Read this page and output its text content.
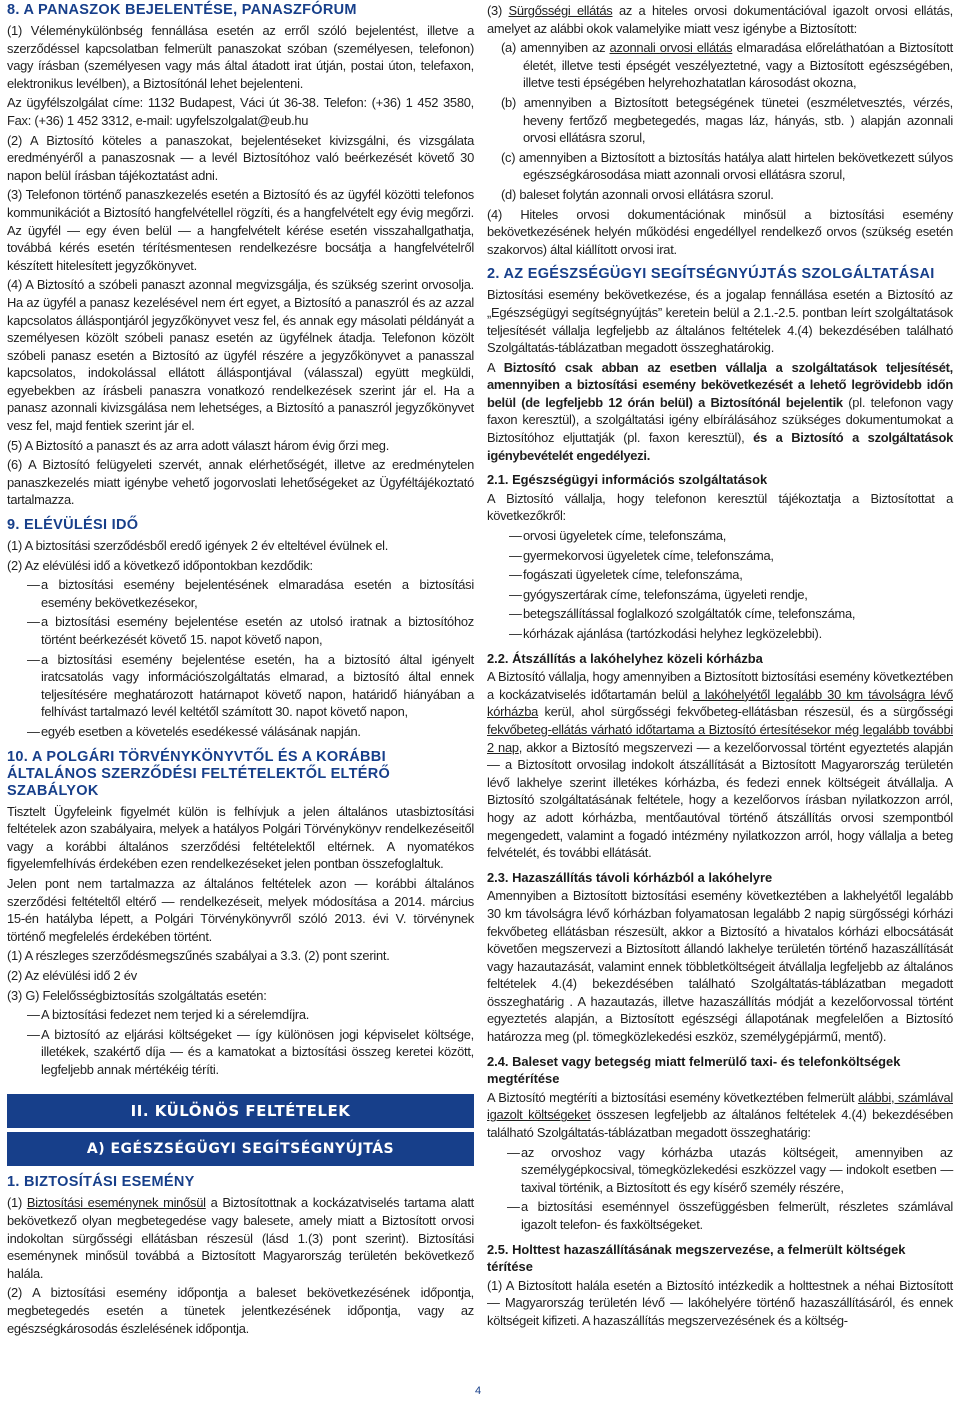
8. A PANASZOK BEJELENTÉSE, PANASZFÓRUM

(1) Véleménykülönbség fennállása esetén az erről szóló bejelentést, illetve a szerződéssel kapcsolatban felmerült panaszokat szóban (személyesen, telefonon) vagy írásban (személyesen vagy más által átadott irat útján, postai úton, telefaxon, elektronikus levélben), a Biztosítónál lehet bejelenteni.

Az ügyfélszolgálat címe: 1132 Budapest, Váci út 36-38. Telefon: (+36) 1 452 3580, Fax: (+36) 1 452 3312, e-mail: ugyfelszolgalat@eub.hu

(2) A Biztosító köteles a panaszokat, bejelentéseket kivizsgálni, és vizsgálata eredményéről a panaszosnak — a levél Biztosítóhoz való beérkezését követő 30 napon belül írásban tájékoztatást adni.

(3) Telefonon történő panaszkezelés esetén a Biztosító és az ügyfél közötti telefonos kommunikációt a Biztosító hangfelvétellel rögzíti, és a hangfelvételt egy évig megőrzi. Az ügyfél — egy éven belül — a hangfelvételt kérése esetén visszahallgathatja, továbbá kérés esetén térítésmentesen rendelkezésre bocsátja a hangfelvételről készített hitelesített jegyzőkönyvet.

(4) A Biztosító a szóbeli panaszt azonnal megvizsgálja, és szükség szerint orvosolja. Ha az ügyfél a panasz kezelésével nem ért egyet, a Biztosító a panaszról és az azzal kapcsolatos álláspontjáról jegyzőkönyvet vesz fel, és annak egy másolati példányát a személyesen közölt szóbeli panasz esetén az ügyfélnek átadja. Telefonon közölt szóbeli panasz esetén a Biztosító az ügyfél részére a jegyzőkönyvet a panasszal kapcsolatos, indokolással ellátott álláspontjával (válasszal) együtt megküldi, egyebekben az írásbeli panaszra vonatkozó rendelkezések szerint jár el. Ha a panasz azonnali kivizsgálása nem lehetséges, a Biztosító a panaszról jegyzőkönyvet vesz fel, majd fentiek szerint jár el.

(5) A Biztosító a panaszt és az arra adott választ három évig őrzi meg.

(6) A Biztosító felügyeleti szervét, annak elérhetőségét, illetve az eredménytelen panaszkezelés miatt igénybe vehető jogorvoslati lehetőségeket az Ügyféltájékoztató tartalmazza.

9. ELÉVÜLÉSI IDŐ

(1) A biztosítási szerződésből eredő igények 2 év elteltével évülnek el.

(2) Az elévülési idő a következő időpontokban kezdődik:

— a biztosítási esemény bejelentésének elmaradása esetén a biztosítási esemény bekövetkezésekor,

— a biztosítási esemény bejelentése esetén az utolsó iratnak a biztosítóhoz történt beérkezését követő 15. napot követő napon,

— a biztosítási esemény bejelentése esetén, ha a biztosító által igényelt iratcsatolás vagy információszolgáltatás elmarad, a biztosító által ennek teljesítésére meghatározott határnapot követő napon, határidő hiányában a felhívást tartalmazó levél keltétől számított 30. napot követő napon,

— egyéb esetben a követelés esedékessé válásának napján.

10. A POLGÁRI TÖRVÉNYKÖNYVTŐL ÉS A KORÁBBI ÁLTALÁNOS SZERZŐDÉSI FELTÉTELEKTŐL ELTÉRŐ SZABÁLYOK

Tisztelt Ügyfeleink figyelmét külön is felhívjuk a jelen általános utasbiztosítási feltételek azon szabályaira, melyek a hatályos Polgári Törvénykönyv rendelkezéseitől vagy a korábbi általános szerződési feltételektől eltérnek. A nyomatékos figyelemfelhívás érdekében ezen rendelkezéseket jelen pontban összefoglaltuk.

Jelen pont nem tartalmazza az általános feltételek azon — korábbi általános szerződési feltételtől eltérő — rendelkezéseit, melyek módosítása a 2014. március 15-én hatályba lépett, a Polgári Törvénykönyvről szóló 2013. évi V. törvénynek történő megfelelés érdekében történt.

(1) A részleges szerződésmegszűnés szabályai a 3.3. (2) pont szerint.

(2) Az elévülési idő 2 év

(3) G) Felelősségbiztosítás szolgáltatás esetén:

— A biztosítási fedezet nem terjed ki a sérelemdíjra.

— A biztosító az eljárási költségeket — így különösen jogi képviselet költsége, illetékek, szakértő díja — és a kamatokat a biztosítási összeg keretei között, legfeljebb annak mértékéig téríti.

II. KÜLÖNÖS FELTÉTELEK
A) EGÉSZSÉGÜGYI SEGÍTSÉGNYÚJTÁS
1. BIZTOSÍTÁSI ESEMÉNY

(1) Biztosítási eseménynek minősül a Biztosítottnak a kockázatviselés tartama alatt bekövetkező olyan megbetegedése vagy balesete, amely miatt a Biztosított orvosi indokoltan sürgősségi ellátásban részesül (lásd 1.(3) pont szerint). Biztosítási eseménynek minősül továbbá a Biztosított Magyarország területén bekövetkező halála.

(2) A biztosítási esemény időpontja a baleset bekövetkezésének időpontja, megbetegedés esetén a tünetek jelentkezésének időpontja, vagy az egészségkárosodás észlelésének időpontja.

(3) Sürgősségi ellátás az a hiteles orvosi dokumentációval igazolt orvosi ellátás, amelyet az alábbi okok valamelyike miatt vesz igénybe a Biztosított:

(a) amennyiben az azonnali orvosi ellátás elmaradása előreláthatóan a Biztosított életét, illetve testi épségét veszélyeztetné, vagy a Biztosított egészségében, illetve testi épségében helyrehozhatatlan károsodást okozna,

(b) amennyiben a Biztosított betegségének tünetei (eszméletvesztés, vérzés, heveny fertőző megbetegedés, magas láz, hányás, stb. ) alapján azonnali orvosi ellátásra szorul,

(c) amennyiben a Biztosított a biztosítás hatálya alatt hirtelen bekövetkezett súlyos egészségkárosodása miatt azonnali orvosi ellátásra szorul,

(d) baleset folytán azonnali orvosi ellátásra szorul.

(4) Hiteles orvosi dokumentációnak minősül a biztosítási esemény bekövetkezésének helyén működési engedéllyel rendelkező orvos (szükség esetén szakorvos) által kiállított orvosi irat.

2. AZ EGÉSZSÉGÜGYI SEGÍTSÉGNYÚJTÁS SZOLGÁLTATÁSAI

Biztosítási esemény bekövetkezése, és a jogalap fennállása esetén a Biztosító az „Egészségügyi segítségnyújtás” keretein belül a 2.1.-2.5. pontban leírt szolgáltatások teljesítését vállalja legfeljebb az általános feltételek 4.(4) bekezdésében található Szolgáltatás-táblázatban megadott összeghatárokig.

A Biztosító csak abban az esetben vállalja a szolgáltatások teljesítését, amennyiben a biztosítási esemény bekövetkezését a lehető legrövidebb időn belül (de legfeljebb 12 órán belül) a Biztosítónál bejelentik (pl. telefonon vagy faxon keresztül), a szolgáltatási igény elbírálásához szükséges dokumentumokat a Biztosítóhoz eljuttatják (pl. faxon keresztül), és a Biztosító a szolgáltatások igénybevételét engedélyezi.

2.1. Egészségügyi információs szolgáltatások

A Biztosító vállalja, hogy telefonon keresztül tájékoztatja a Biztosítottat a következőkről:

— orvosi ügyeletek címe, telefonszáma,

— gyermekorvosi ügyeletek címe, telefonszáma,

— fogászati ügyeletek címe, telefonszáma,

— gyógyszertárak címe, telefonszáma, ügyeleti rendje,

— betegszállítással foglalkozó szolgáltatók címe, telefonszáma,

— kórházak ajánlása (tartózkodási helyhez legközelebbi).

2.2. Átszállítás a lakóhelyhez közeli kórházba

A Biztosító vállalja, hogy amennyiben a Biztosított biztosítási esemény következtében a kockázatviselés időtartamán belül a lakóhelyétől legalább 30 km távolságra lévő kórházba kerül, ahol sürgősségi fekvőbeteg-ellátásban részesül, és a sürgősségi fekvőbeteg-ellátás várható időtartama a Biztosító értesítésekor még legalább további 2 nap, akkor a Biztosító megszervezi — a kezelőorvossal történt egyeztetés alapján — a Biztosított orvosilag indokolt átszállítását a Biztosított Magyarország területén lévő lakhelye szerint illetékes kórházba, és fedezi ennek költségeit átvállalja. A Biztosító szolgáltatásának feltétele, hogy a kezelőorvos írásban nyilatkozzon arról, hogy az adott kórházba, mentőautóval történő átszállítás orvosi szempontból megengedett, valamint a fogadó intézmény nyilatkozzon arról, hogy vállalja a beteg felvételét, és további ellátását.

2.3. Hazaszállítás távoli kórházból a lakóhelyre

Amennyiben a Biztosított biztosítási esemény következtében a lakhelyétől legalább 30 km távolságra lévő kórházban folyamatosan legalább 2 napig sürgősségi kórházi fekvőbeteg ellátásban részesült, akkor a Biztosító a hivatalos kórházi elbocsátását követően megszervezi a Biztosított állandó lakhelye területén történő hazaszállítását vagy hazautazását, valamint ennek többletköltségeit átvállalja legfeljebb az általános feltételek 4.(4) bekezdésében található Szolgáltatás-táblázatban megadott összeghatárig . A hazautazás, illetve hazaszállítás módját a kezelőorvossal történt egyeztetés alapján, a Biztosított egészségi állapotának megfelelően a Biztosító határozza meg (pl. tömegközlekedési eszköz, személygépjármű, mentő).

2.4. Baleset vagy betegség miatt felmerülő taxi- és telefonköltségek megtérítése

A Biztosító megtéríti a biztosítási esemény következtében felmerült alábbi, számlával igazolt költségeket összesen legfeljebb az általános feltételek 4.(4) bekezdésében található Szolgáltatás-táblázatban megadott összeghatárig:

— az orvoshoz vagy kórházba utazás költségeit, amennyiben az személygépkocsival, tömegközlekedési eszközzel vagy — indokolt esetben — taxival történik, a Biztosított és egy kísérő személy részére,

— a biztosítási eseménnyel összefüggésben felmerült, részletes számlával igazolt telefon- és faxköltségeket.

2.5. Holttest hazaszállításának megszervezése, a felmerült költségek térítése

(1) A Biztosított halála esetén a Biztosító intézkedik a holttestnek a néhai Biztosított — Magyarország területén lévő — lakóhelyére történő hazaszállításáról, és ennek költségeit kifizeti. A hazaszállítás megszervezésének és a költség-

4
